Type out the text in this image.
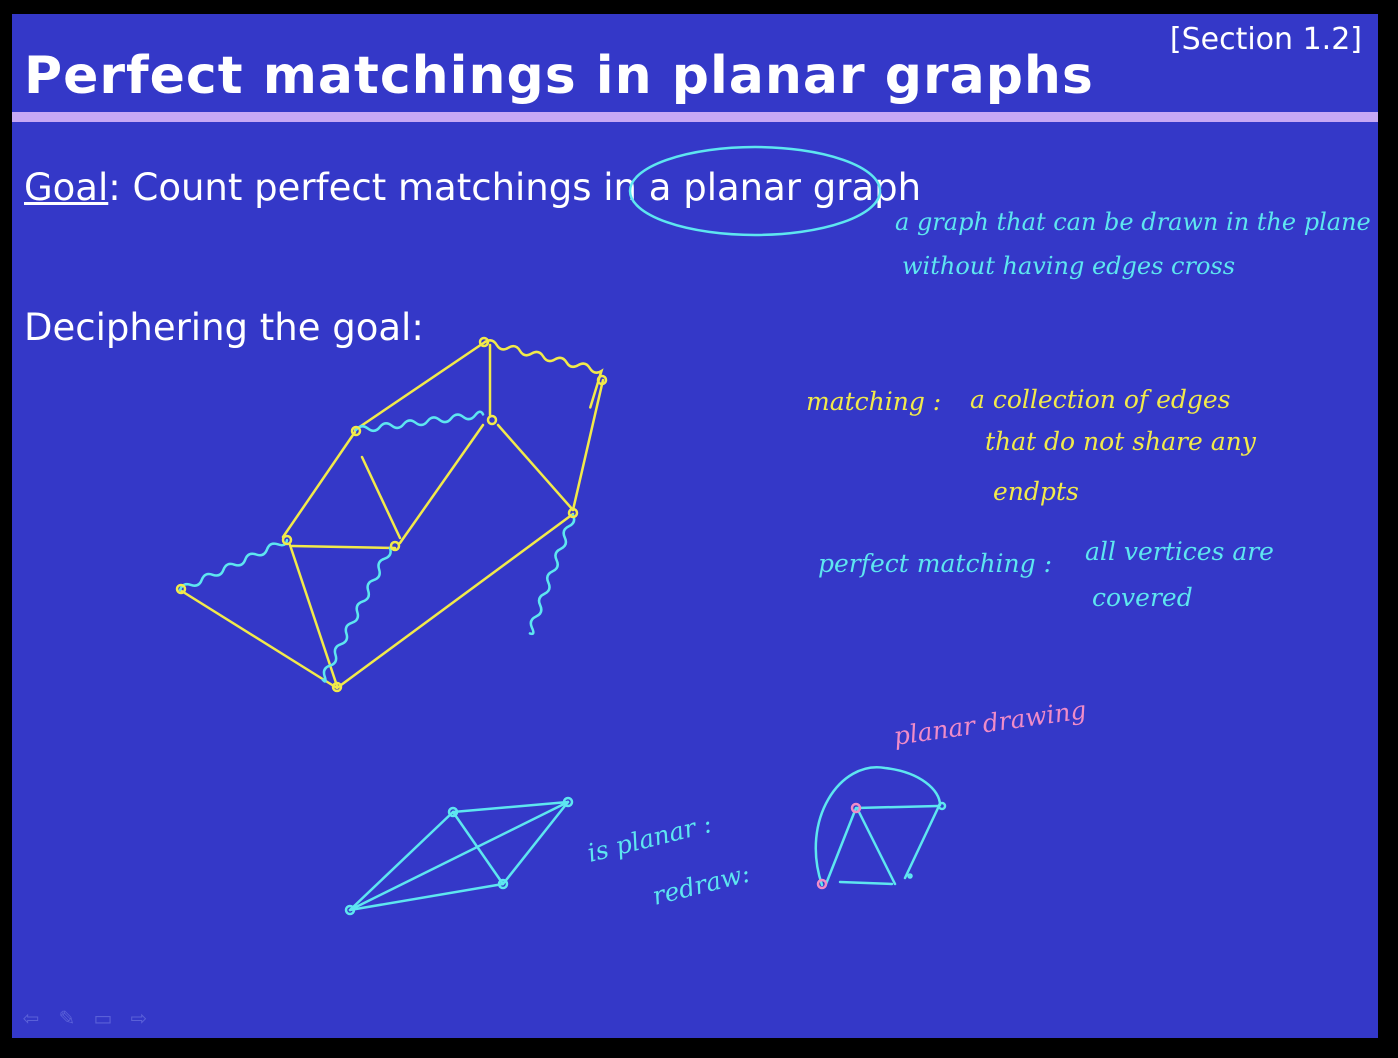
[Section 1.2]
Perfect matchings in planar graphs
Goal: Count perfect matchings in a planar graph
Deciphering the goal:
a graph that can be drawn in the plane
without having edges cross
matching : a collection of edges
that do not share any
endpts
perfect matching : all vertices are
covered
planar drawing
is planar :
redraw:
⇦ ✎ ▭ ⇨
